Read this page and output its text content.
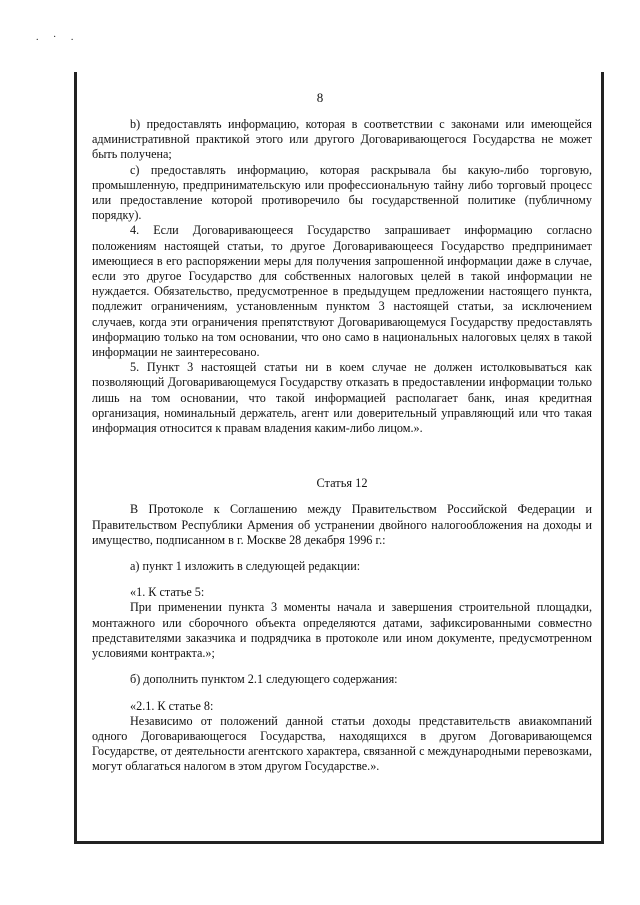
. · .
8

b) предоставлять информацию, которая в соответствии с законами или имеющейся административной практикой этого или другого Договаривающегося Государства не может быть получена;

c) предоставлять информацию, которая раскрывала бы какую-либо торговую, промышленную, предпринимательскую или профессиональную тайну либо торговый процесс или предоставление которой противоречило бы государственной политике (публичному порядку).

4. Если Договаривающееся Государство запрашивает информацию согласно положениям настоящей статьи, то другое Договаривающееся Государство предпринимает имеющиеся в его распоряжении меры для получения запрошенной информации даже в случае, если это другое Государство для собственных налоговых целей в такой информации не нуждается. Обязательство, предусмотренное в предыдущем предложении настоящего пункта, подлежит ограничениям, установленным пунктом 3 настоящей статьи, за исключением случаев, когда эти ограничения препятствуют Договаривающемуся Государству предоставлять информацию только на том основании, что оно само в национальных налоговых целях в такой информации не заинтересовано.

5. Пункт 3 настоящей статьи ни в коем случае не должен истолковываться как позволяющий Договаривающемуся Государству отказать в предоставлении информации только лишь на том основании, что такой информацией располагает банк, иная кредитная организация, номинальный держатель, агент или доверительный управляющий или что такая информация относится к правам владения каким-либо лицом.».

Статья 12

В Протоколе к Соглашению между Правительством Российской Федерации и Правительством Республики Армения об устранении двойного налогообложения на доходы и имущество, подписанном в г. Москве 28 декабря 1996 г.:

а) пункт 1 изложить в следующей редакции:

«1. К статье 5:

При применении пункта 3 моменты начала и завершения строительной площадки, монтажного или сборочного объекта определяются датами, зафиксированными совместно представителями заказчика и подрядчика в протоколе или ином документе, предусмотренном условиями контракта.»;

б) дополнить пунктом 2.1 следующего содержания:

«2.1. К статье 8:

Независимо от положений данной статьи доходы представительств авиакомпаний одного Договаривающегося Государства, находящихся в другом Договаривающемся Государстве, от деятельности агентского характера, связанной с международными перевозками, могут облагаться налогом в этом другом Государстве.».
